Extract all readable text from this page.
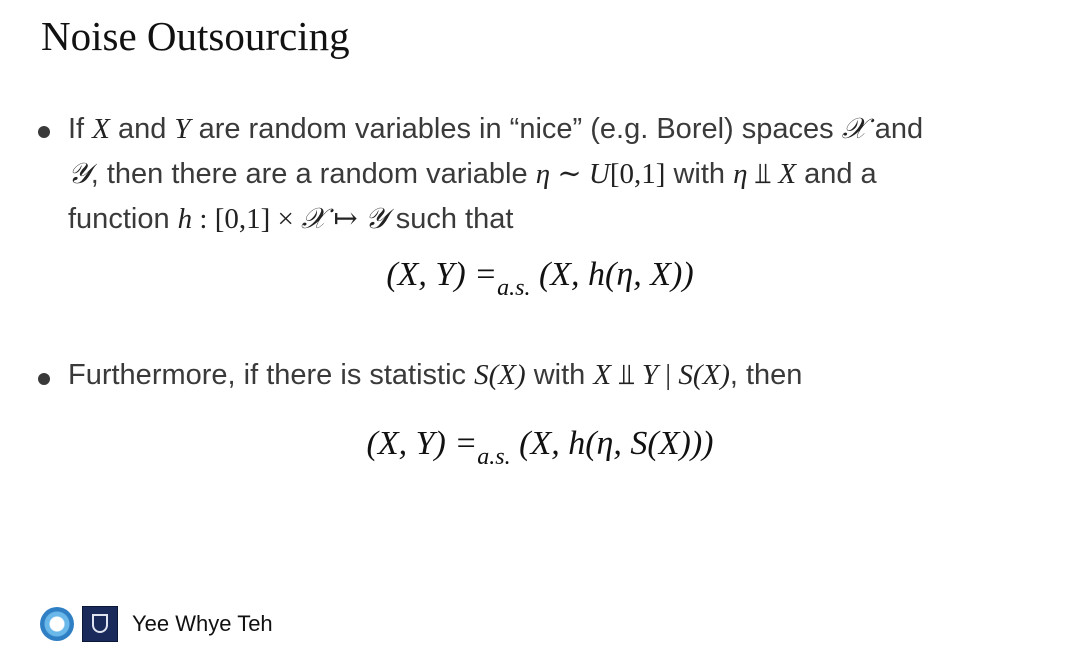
Noise Outsourcing
If X and Y are random variables in “nice” (e.g. Borel) spaces 𝒳 and
𝒴, then there are a random variable η ∼ U[0,1] with η ⫫ X and a
function h : [0,1] × 𝒳 ↦ 𝒴 such that
(X, $Y) =_{a.s.}$ (X, h(η, X))
Furthermore, if there is statistic S(X) with X ⫫ Y | S(X), then
(X, $Y) =_{a.s.}$ (X, h(η, S(X)))
Yee Whye Teh
